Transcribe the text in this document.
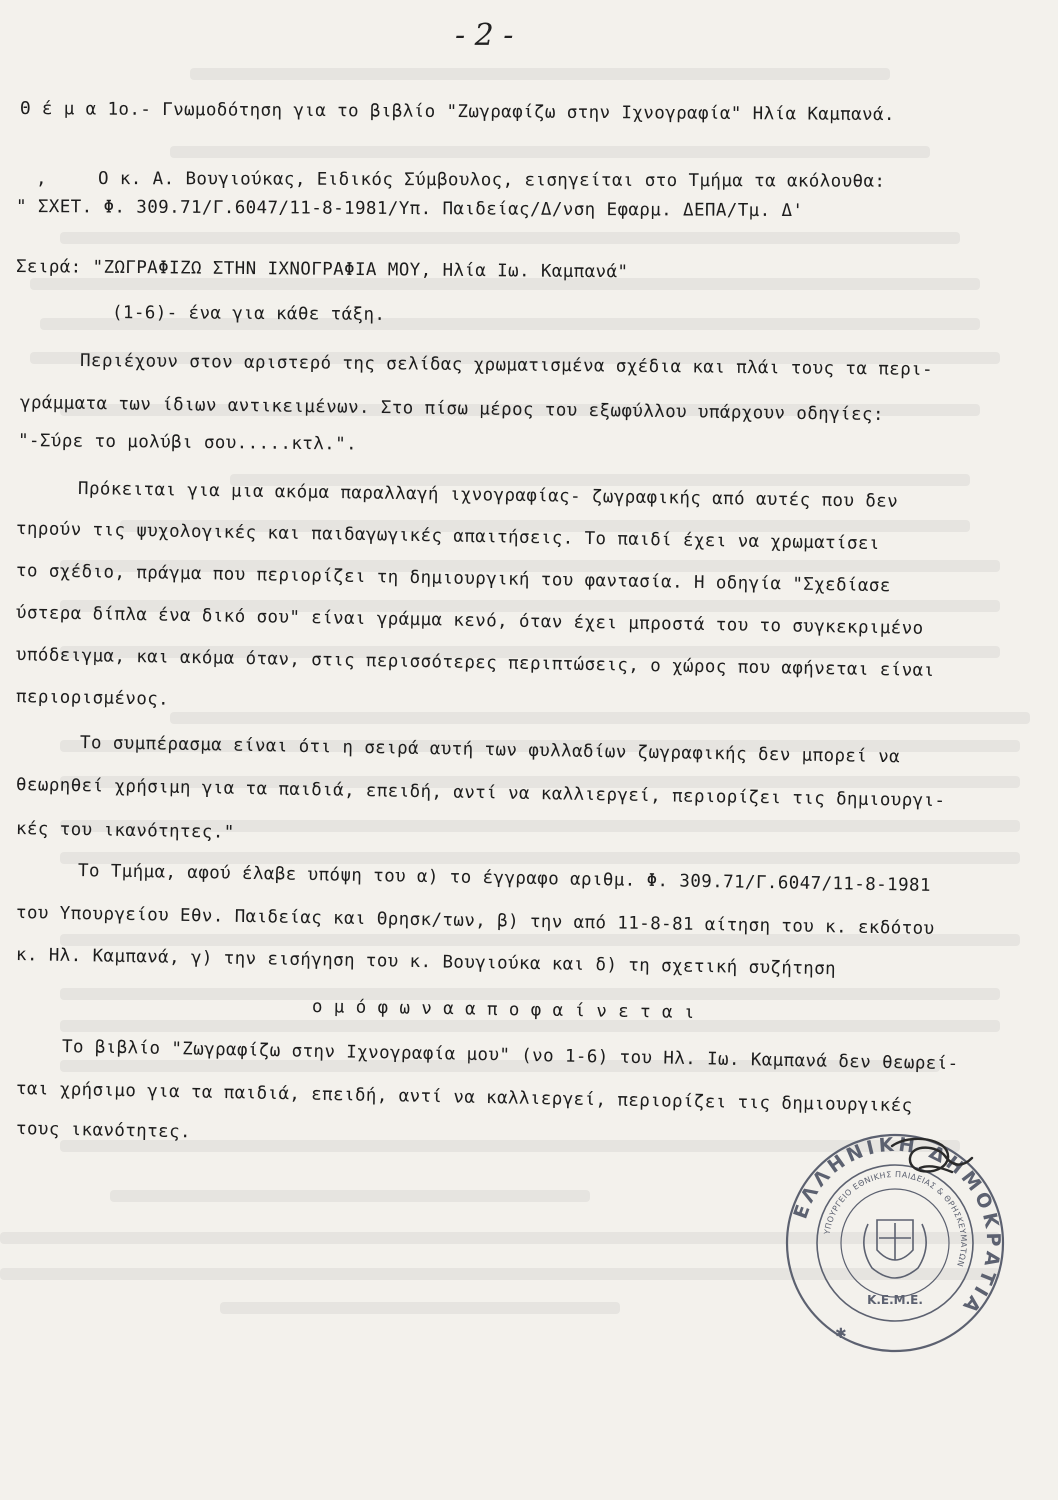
- 2 -
Θ έ μ α 1ο.- Γνωμοδότηση για το βιβλίο "Ζωγραφίζω στην Ιχνογραφία" Ηλία Καμπανά.
,	Ο κ. Α. Βουγιούκας, Ειδικός Σύμβουλος, εισηγείται στο Τμήμα τα ακόλουθα:
" ΣΧΕΤ. Φ. 309.71/Γ.6047/11-8-1981/Υπ. Παιδείας/Δ/νση Εφαρμ. ΔΕΠΑ/Τμ. Δ'
Σειρά: "ΖΩΓΡΑΦΙΖΩ ΣΤΗΝ ΙΧΝΟΓΡΑΦΙΑ ΜΟΥ, Ηλία Ιω. Καμπανά"
(1-6)- ένα για κάθε τάξη.
Περιέχουν στον αριστερό της σελίδας χρωματισμένα σχέδια και πλάι τους τα περι-
γράμματα των ίδιων αντικειμένων. Στο πίσω μέρος του εξωφύλλου υπάρχουν οδηγίες:
"-Σύρε το μολύβι σου.....κτλ.".
Πρόκειται για μια ακόμα παραλλαγή ιχνογραφίας- ζωγραφικής από αυτές που δεν
τηρούν τις ψυχολογικές και παιδαγωγικές απαιτήσεις. Το παιδί έχει να χρωματίσει
το σχέδιο, πράγμα που περιορίζει τη δημιουργική του φαντασία. Η οδηγία "Σχεδίασε
ύστερα δίπλα ένα δικό σου" είναι γράμμα κενό, όταν έχει μπροστά του το συγκεκριμένο
υπόδειγμα, και ακόμα όταν, στις περισσότερες περιπτώσεις, ο χώρος που αφήνεται είναι
περιορισμένος.
Το συμπέρασμα είναι ότι η σειρά αυτή των φυλλαδίων ζωγραφικής δεν μπορεί να
θεωρηθεί χρήσιμη για τα παιδιά, επειδή, αντί να καλλιεργεί, περιορίζει τις δημιουργι-
κές του ικανότητες."
Το Τμήμα, αφού έλαβε υπόψη του α) το έγγραφο αριθμ. Φ. 309.71/Γ.6047/11-8-1981
του Υπουργείου Εθν. Παιδείας και Θρησκ/των, β) την από 11-8-81 αίτηση του κ. εκδότου
κ. Ηλ. Καμπανά, γ) την εισήγηση του κ. Βουγιούκα και δ) τη σχετική συζήτηση
ο μ ό φ ω ν α α π ο φ α ί ν ε τ α ι
Το βιβλίο "Ζωγραφίζω στην Ιχνογραφία μου" (νο 1-6) του Ηλ. Ιω. Καμπανά δεν θεωρεί-
ται χρήσιμο για τα παιδιά, επειδή, αντί να καλλιεργεί, περιορίζει τις δημιουργικές
τους ικανότητες.
ΕΛΛΗΝΙΚΗ ΔΗΜΟΚΡΑΤΙΑ
ΥΠΟΥΡΓΕΙΟ ΕΘΝΙΚΗΣ ΠΑΙΔΕΙΑΣ & ΘΡΗΣΚΕΥΜΑΤΩΝ
Κ.Ε.Μ.Ε.
✱
